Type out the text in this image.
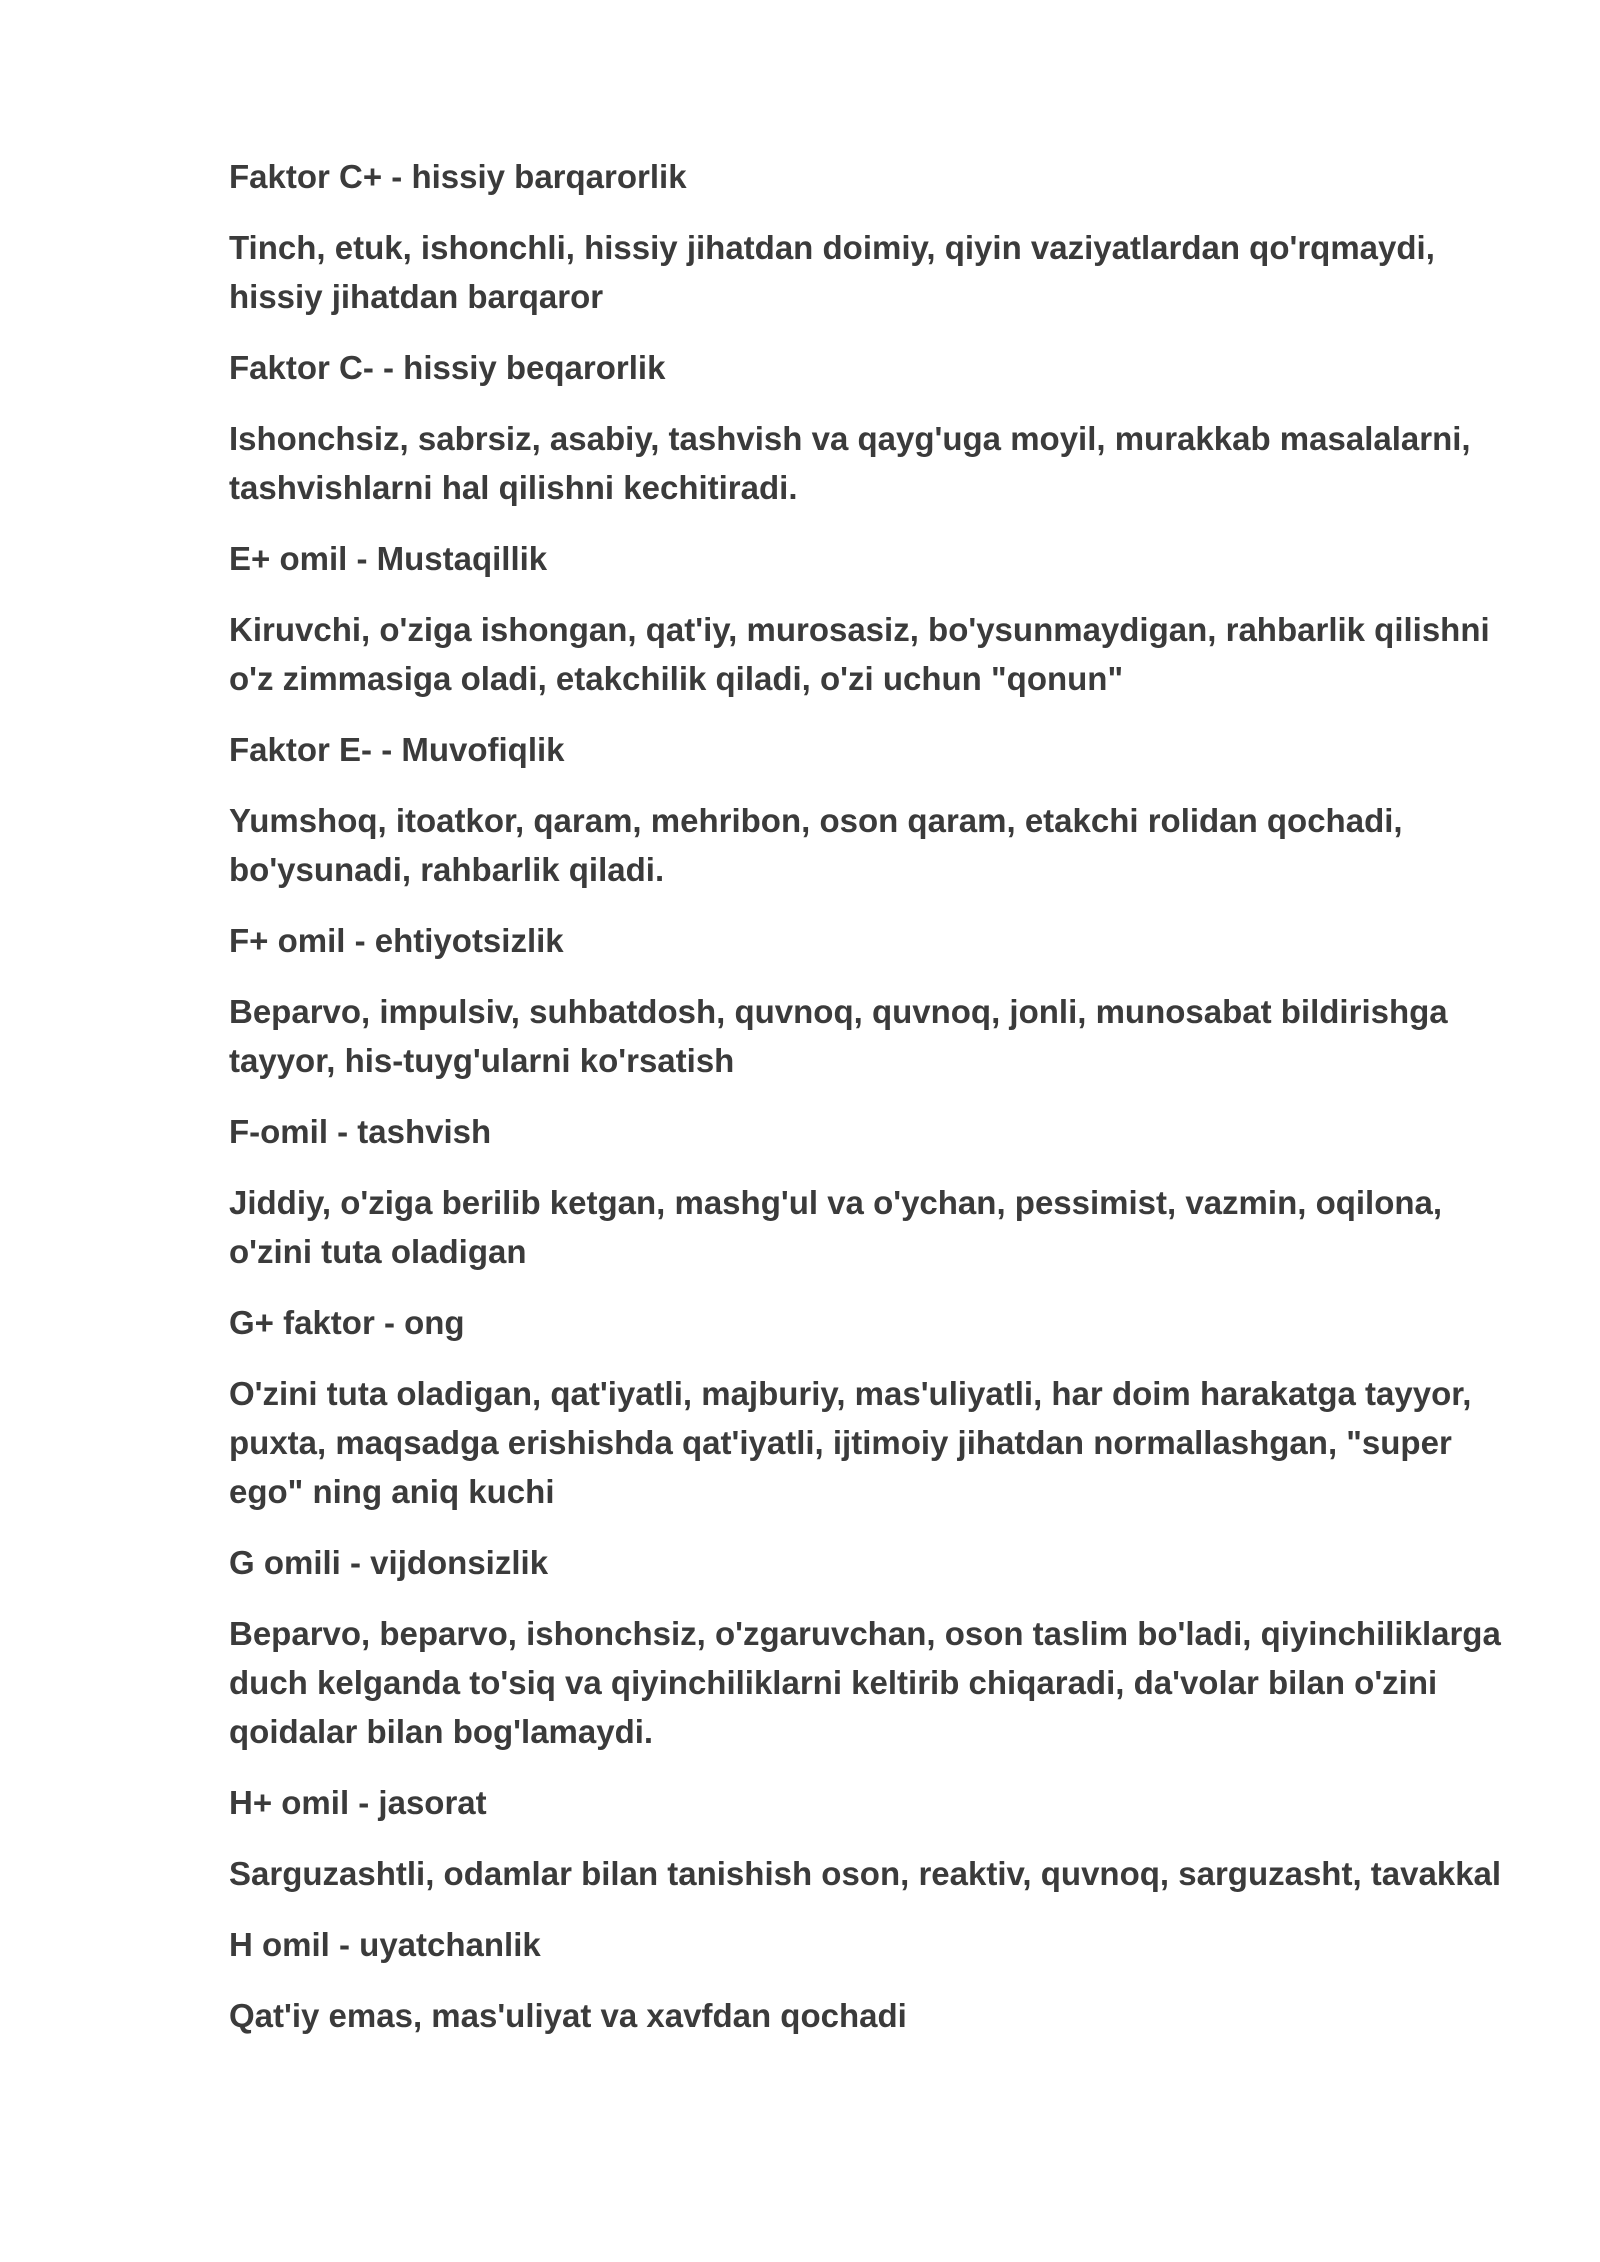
Faktor C+ - hissiy barqarorlik

Tinch, etuk, ishonchli, hissiy jihatdan doimiy, qiyin vaziyatlardan qo'rqmaydi, hissiy jihatdan barqaror

Faktor C- - hissiy beqarorlik

Ishonchsiz, sabrsiz, asabiy, tashvish va qayg'uga moyil, murakkab masalalarni, tashvishlarni hal qilishni kechitiradi.

E+ omil - Mustaqillik

Kiruvchi, o'ziga ishongan, qat'iy, murosasiz, bo'ysunmaydigan, rahbarlik qilishni o'z zimmasiga oladi, etakchilik qiladi, o'zi uchun "qonun"

Faktor E- - Muvofiqlik

Yumshoq, itoatkor, qaram, mehribon, oson qaram, etakchi rolidan qochadi, bo'ysunadi, rahbarlik qiladi.

F+ omil - ehtiyotsizlik

Beparvo, impulsiv, suhbatdosh, quvnoq, quvnoq, jonli, munosabat bildirishga tayyor, his-tuyg'ularni ko'rsatish

F-omil - tashvish

Jiddiy, o'ziga berilib ketgan, mashg'ul va o'ychan, pessimist, vazmin, oqilona, o'zini tuta oladigan

G+ faktor - ong

O'zini tuta oladigan, qat'iyatli, majburiy, mas'uliyatli, har doim harakatga tayyor, puxta, maqsadga erishishda qat'iyatli, ijtimoiy jihatdan normallashgan, "super ego" ning aniq kuchi

G omili - vijdonsizlik

Beparvo, beparvo, ishonchsiz, o'zgaruvchan, oson taslim bo'ladi, qiyinchiliklarga duch kelganda to'siq va qiyinchiliklarni keltirib chiqaradi, da'volar bilan o'zini qoidalar bilan bog'lamaydi.

H+ omil - jasorat

Sarguzashtli, odamlar bilan tanishish oson, reaktiv, quvnoq, sarguzasht, tavakkal

H omil - uyatchanlik

Qat'iy emas, mas'uliyat va xavfdan qochadi
